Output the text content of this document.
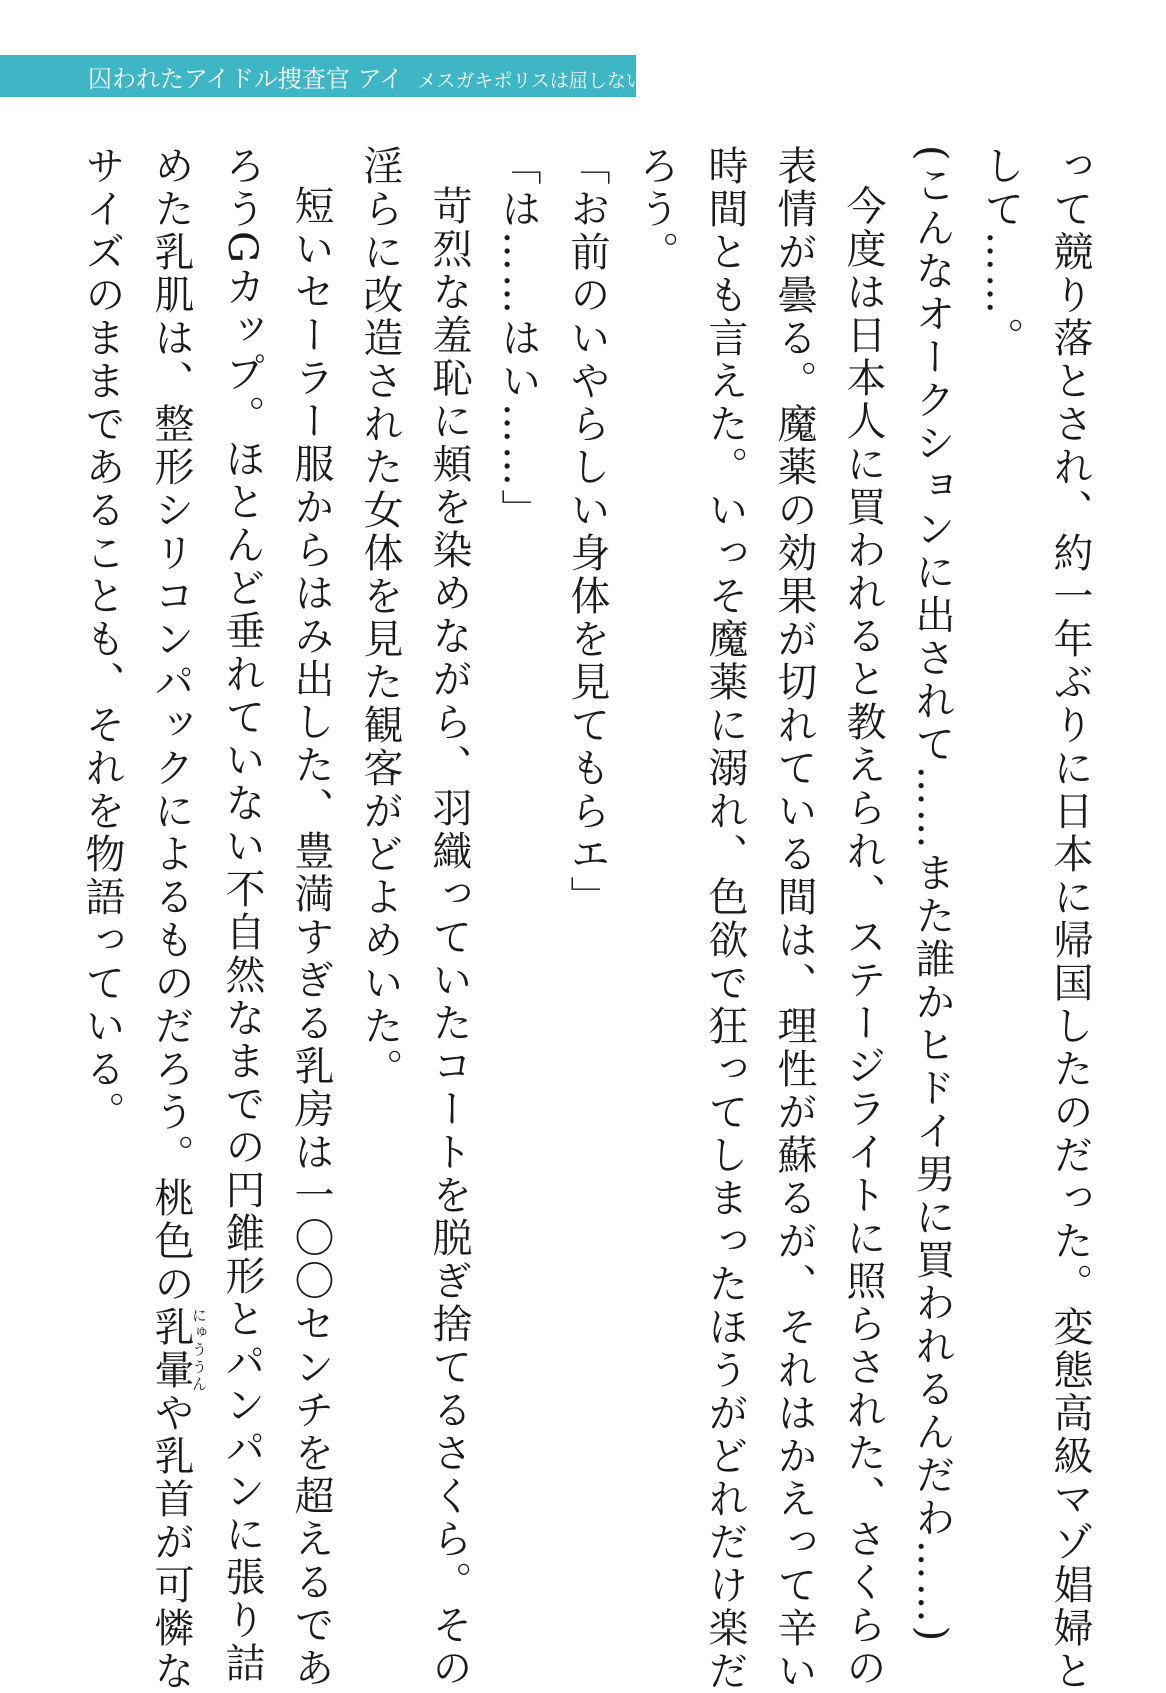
囚われたアイドル捜査官 アイ メスガキポリスは屈しない!
って競り落とされ、約一年ぶりに日本に帰国したのだった。変態高級マゾ娼婦と
して……。
(こんなオークションに出されて……また誰かヒドイ男に買われるんだわ……)
今度は日本人に買われると教えられ、ステージライトに照らされた、さくらの
表情が曇る。魔薬の効果が切れている間は、理性が蘇るが、それはかえって辛い
時間とも言えた。いっそ魔薬に溺れ、色欲で狂ってしまったほうがどれだけ楽だ
ろう。
「お前のいやらしい身体を見てもらエ」
「は……はい……」
苛烈な羞恥に頬を染めながら、羽織っていたコートを脱ぎ捨てるさくら。その
淫らに改造された女体を見た観客がどよめいた。
短いセーラー服からはみ出した、豊満すぎる乳房は一〇〇センチを超えるであ
ろうGカップ。ほとんど垂れていない不自然なまでの円錐形とパンパンに張り詰
めた乳肌は、整形シリコンパックによるものだろう。桃色の乳暈にゅううんや乳首が可憐な
サイズのままであることも、それを物語っている。
